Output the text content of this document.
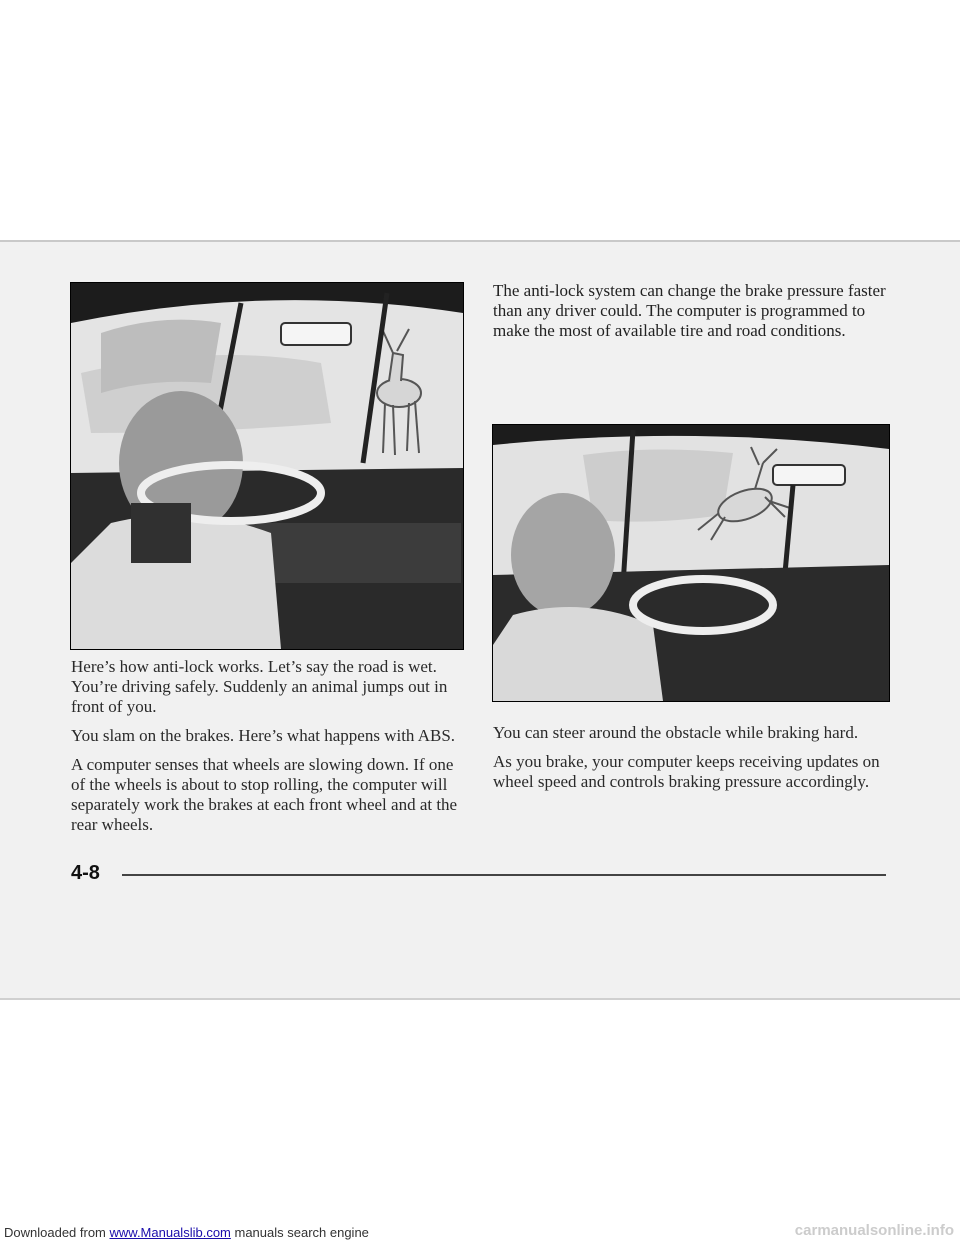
The anti-lock system can change the brake pressure faster than any driver could. The computer is programmed to make the most of available tire and road conditions.

Here’s how anti-lock works. Let’s say the road is wet. You’re driving safely. Suddenly an animal jumps out in front of you.

You slam on the brakes. Here’s what happens with ABS.

A computer senses that wheels are slowing down. If one of the wheels is about to stop rolling, the computer will separately work the brakes at each front wheel and at the rear wheels.

You can steer around the obstacle while braking hard.

As you brake, your computer keeps receiving updates on wheel speed and controls braking pressure accordingly.

4-8
Downloaded from www.Manualslib.com manuals search engine	carmanualsonline.info
